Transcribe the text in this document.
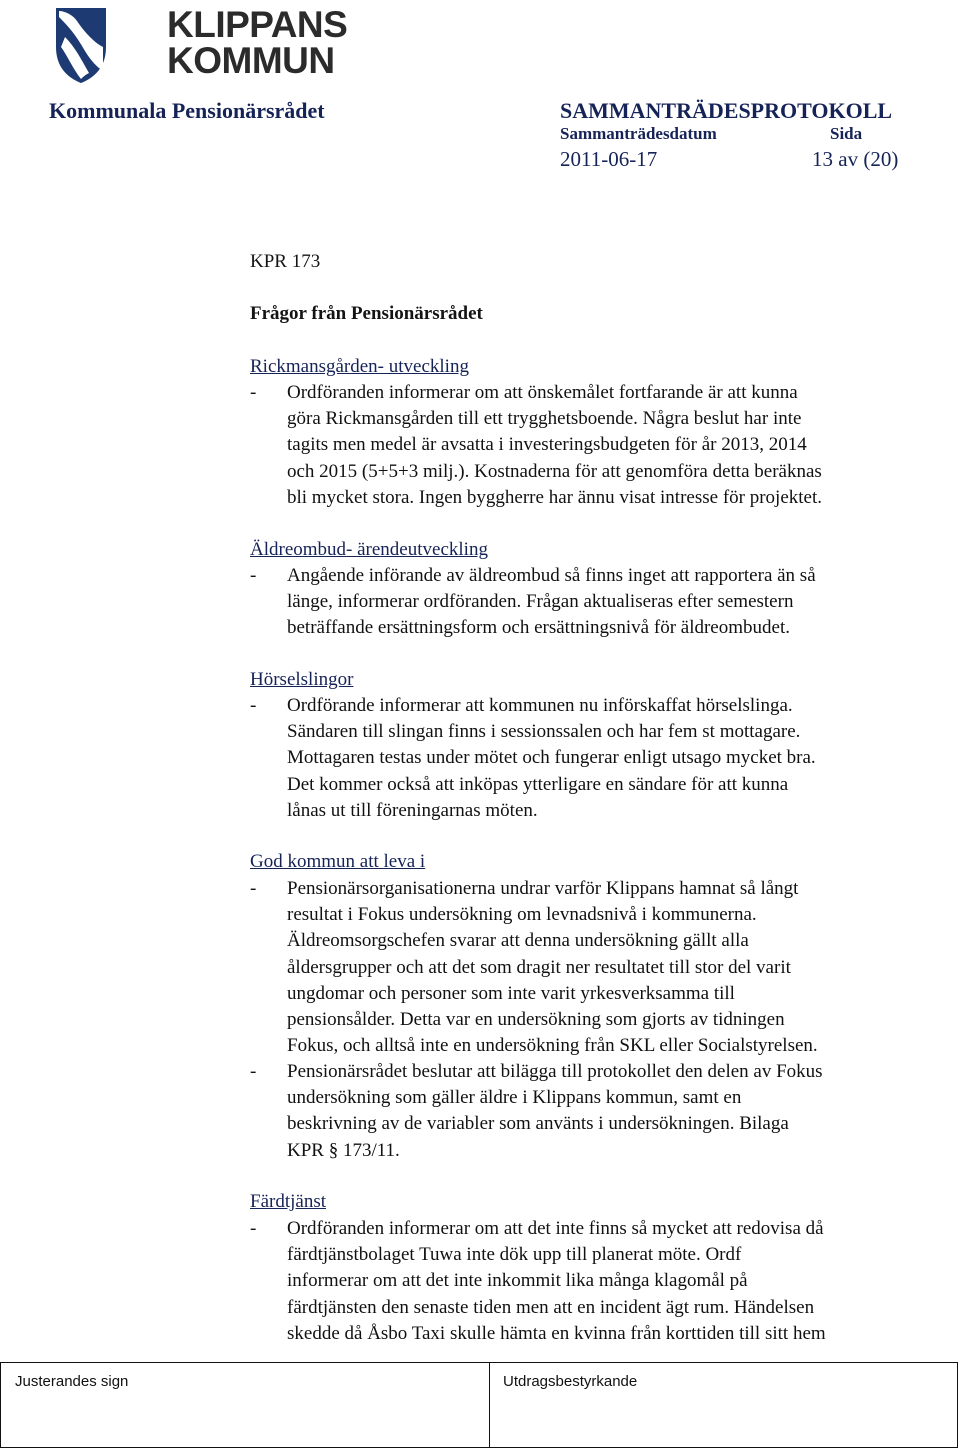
KLIPPANS
KOMMUN
Kommunala Pensionärsrådet	SAMMANTRÄDESPROTOKOLL
Sammanträdesdatum	Sida
2011-06-17	13 av (20)
KPR 173
Frågor från Pensionärsrådet
Rickmansgården- utveckling
- Ordföranden informerar om att önskemålet fortfarande är att kunna
göra Rickmansgården till ett trygghetsboende. Några beslut har inte
tagits men medel är avsatta i investeringsbudgeten för år 2013, 2014
och 2015 (5+5+3 milj.). Kostnaderna för att genomföra detta beräknas
bli mycket stora. Ingen byggherre har ännu visat intresse för projektet.
Äldreombud- ärendeutveckling
- Angående införande av äldreombud så finns inget att rapportera än så
länge, informerar ordföranden. Frågan aktualiseras efter semestern
beträffande ersättningsform och ersättningsnivå för äldreombudet.
Hörselslingor
- Ordförande informerar att kommunen nu införskaffat hörselslinga.
Sändaren till slingan finns i sessionssalen och har fem st mottagare.
Mottagaren testas under mötet och fungerar enligt utsago mycket bra.
Det kommer också att inköpas ytterligare en sändare för att kunna
lånas ut till föreningarnas möten.
God kommun att leva i
- Pensionärsorganisationerna undrar varför Klippans hamnat så långt
resultat i Fokus undersökning om levnadsnivå i kommunerna.
Äldreomsorgschefen svarar att denna undersökning gällt alla
åldersgrupper och att det som dragit ner resultatet till stor del varit
ungdomar och personer som inte varit yrkesverksamma till
pensionsålder. Detta var en undersökning som gjorts av tidningen
Fokus, och alltså inte en undersökning från SKL eller Socialstyrelsen.
- Pensionärsrådet beslutar att bilägga till protokollet den delen av Fokus
undersökning som gäller äldre i Klippans kommun, samt en
beskrivning av de variabler som använts i undersökningen. Bilaga
KPR § 173/11.
Färdtjänst
- Ordföranden informerar om att det inte finns så mycket att redovisa då
färdtjänstbolaget Tuwa inte dök upp till planerat möte. Ordf
informerar om att det inte inkommit lika många klagomål på
färdtjänsten den senaste tiden men att en incident ägt rum. Händelsen
skedde då Åsbo Taxi skulle hämta en kvinna från korttiden till sitt hem
Justerandes sign	Utdragsbestyrkande
